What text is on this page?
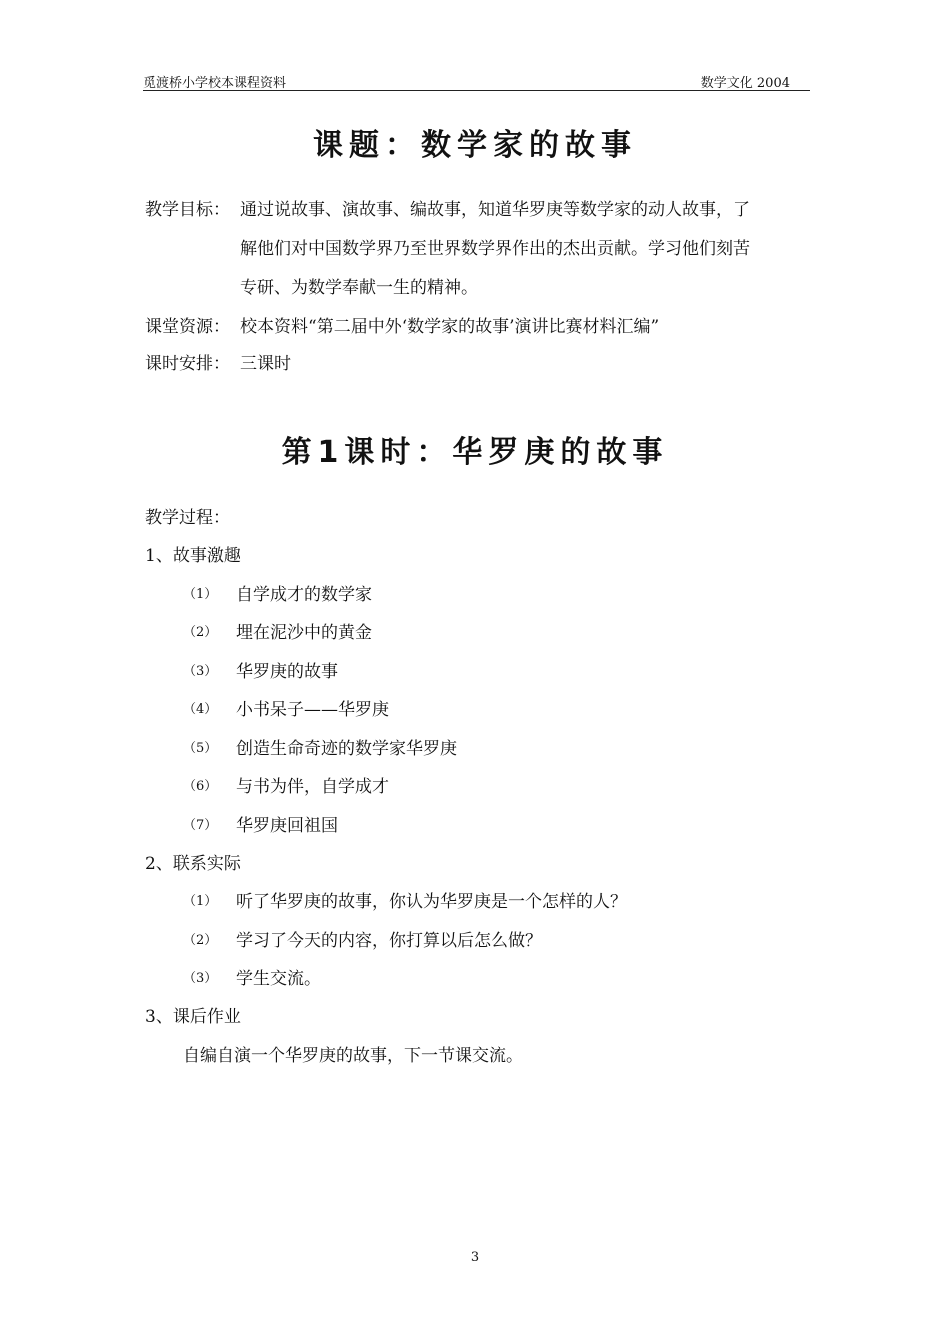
觅渡桥小学校本课程资料	数学文化 2004
课题：数学家的故事
教学目标： 通过说故事、演故事、编故事，知道华罗庚等数学家的动人故事，了
解他们对中国数学界乃至世界数学界作出的杰出贡献。学习他们刻苦
专研、为数学奉献一生的精神。
课堂资源： 校本资料“第二届中外‘数学家的故事’演讲比赛材料汇编”
课时安排： 三课时
第1课时：华罗庚的故事
教学过程：
1、故事激趣
（1） 自学成才的数学家
（2） 埋在泥沙中的黄金
（3） 华罗庚的故事
（4） 小书呆子——华罗庚
（5） 创造生命奇迹的数学家华罗庚
（6） 与书为伴，自学成才
（7） 华罗庚回祖国
2、联系实际
（1） 听了华罗庚的故事，你认为华罗庚是一个怎样的人？
（2） 学习了今天的内容，你打算以后怎么做？
（3） 学生交流。
3、课后作业
自编自演一个华罗庚的故事，下一节课交流。
3
